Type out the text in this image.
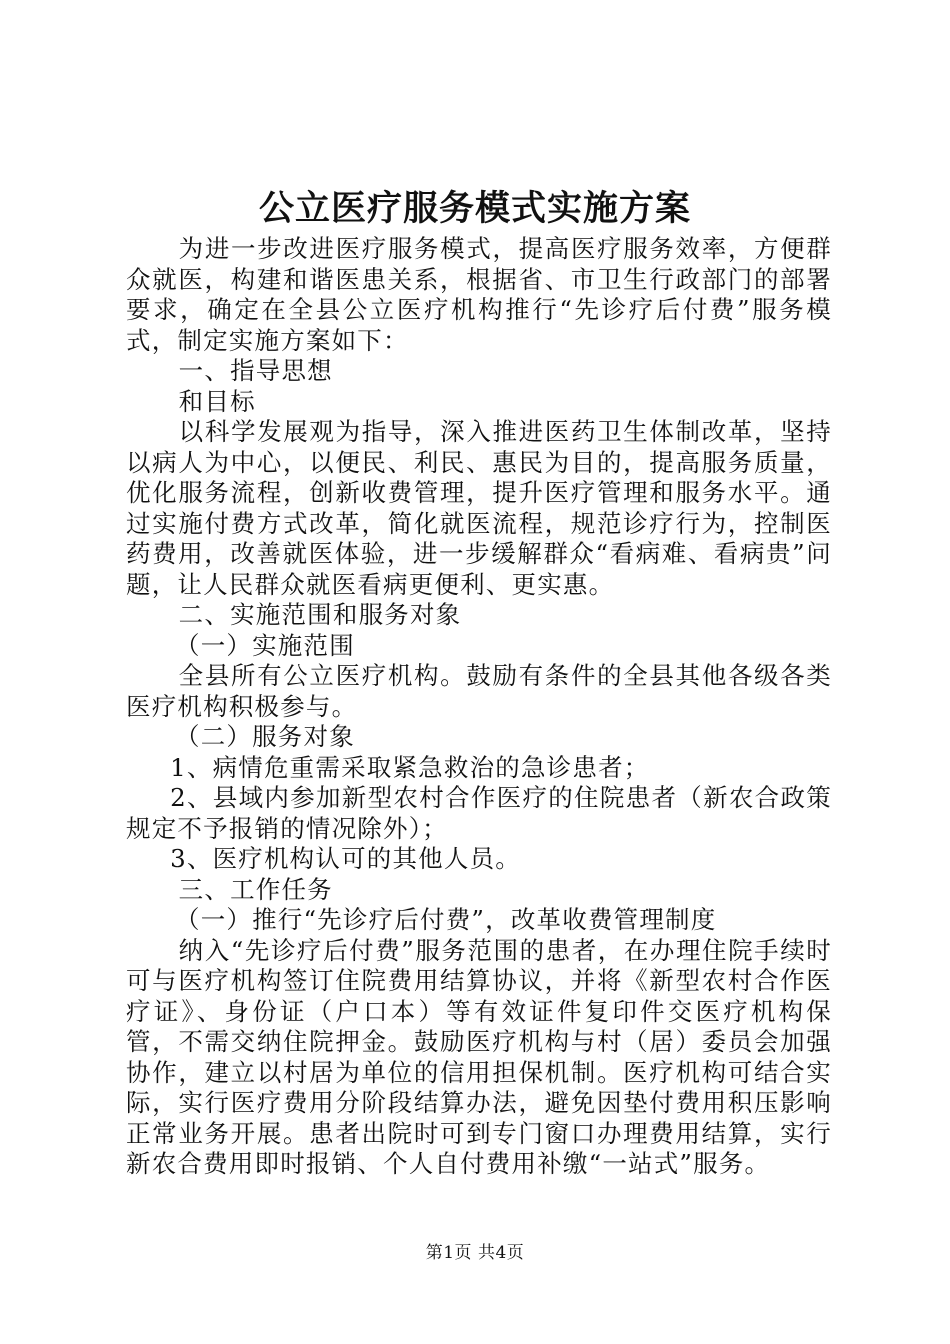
公立医疗服务模式实施方案

为进一步改进医疗服务模式，提高医疗服务效率，方便群众就医，构建和谐医患关系，根据省、市卫生行政部门的部署要求，确定在全县公立医疗机构推行“先诊疗后付费”服务模式，制定实施方案如下：

一、指导思想

和目标

以科学发展观为指导，深入推进医药卫生体制改革，坚持以病人为中心，以便民、利民、惠民为目的，提高服务质量，优化服务流程，创新收费管理，提升医疗管理和服务水平。通过实施付费方式改革，简化就医流程，规范诊疗行为，控制医药费用，改善就医体验，进一步缓解群众“看病难、看病贵”问题，让人民群众就医看病更便利、更实惠。

二、实施范围和服务对象

（一）实施范围

全县所有公立医疗机构。鼓励有条件的全县其他各级各类医疗机构积极参与。

（二）服务对象

1、病情危重需采取紧急救治的急诊患者；

2、县域内参加新型农村合作医疗的住院患者（新农合政策规定不予报销的情况除外）；

3、医疗机构认可的其他人员。

三、工作任务

（一）推行“先诊疗后付费”，改革收费管理制度

纳入“先诊疗后付费”服务范围的患者，在办理住院手续时可与医疗机构签订住院费用结算协议，并将《新型农村合作医疗证》、身份证（户口本）等有效证件复印件交医疗机构保管，不需交纳住院押金。鼓励医疗机构与村（居）委员会加强协作，建立以村居为单位的信用担保机制。医疗机构可结合实际，实行医疗费用分阶段结算办法，避免因垫付费用积压影响正常业务开展。患者出院时可到专门窗口办理费用结算，实行新农合费用即时报销、个人自付费用补缴“一站式”服务。

第1页 共4页
